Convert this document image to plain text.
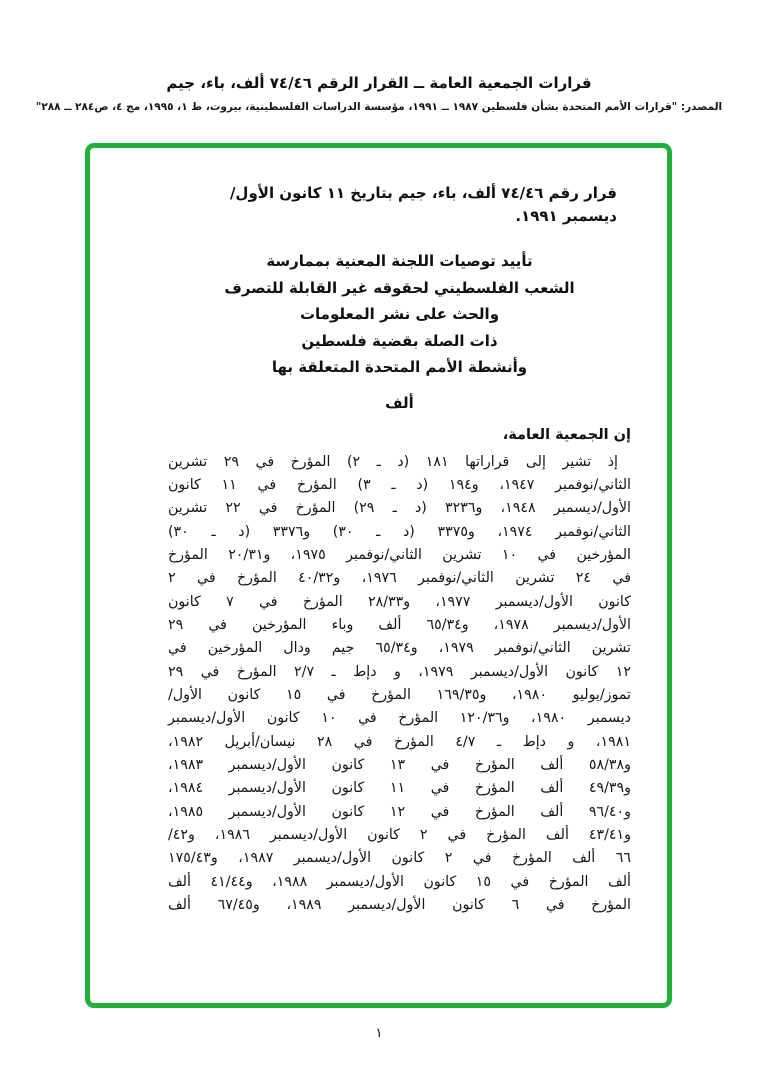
قرارات الجمعية العامة ــ القرار الرقم ٧٤/٤٦ ألف، باء، جيم
المصدر: "قرارات الأمم المتحدة بشأن فلسطين ١٩٨٧ ــ ١٩٩١، مؤسسة الدراسات الفلسطينية، بيروت، ط ١، ١٩٩٥، مج ٤، ص٢٨٤ ــ ٢٨٨"
قرار رقم ٧٤/٤٦ ألف، باء، جيم بتاريخ ١١ كانون الأول/
ديسمبر ١٩٩١.
تأييد توصيات اللجنة المعنية بممارسة
الشعب الفلسطيني لحقوقه غير القابلة للتصرف
والحث على نشر المعلومات
ذات الصلة بقضية فلسطين
وأنشطة الأمم المتحدة المتعلقة بها
ألف
إن الجمعية العامة،
إذ تشير إلى قراراتها ١٨١ (د ـ ٢) المؤرخ في ٢٩ تشرين
الثاني/نوفمبر ١٩٤٧، و١٩٤ (د ـ ٣) المؤرخ في ١١ كانون
الأول/ديسمبر ١٩٤٨، و٣٢٣٦ (د ـ ٢٩) المؤرخ في ٢٢ تشرين
الثاني/نوفمبر ١٩٧٤، و٣٣٧٥ (د ـ ٣٠) و٣٣٧٦ (د ـ ٣٠)
المؤرخين في ١٠ تشرين الثاني/نوفمبر ١٩٧٥، و٢٠/٣١ المؤرخ
في ٢٤ تشرين الثاني/نوفمبر ١٩٧٦، و٤٠/٣٢ المؤرخ في ٢
كانون الأول/ديسمبر ١٩٧٧، و٢٨/٣٣ المؤرخ في ٧ كانون
الأول/ديسمبر ١٩٧٨، و٦٥/٣٤ ألف وباء المؤرخين في ٢٩
تشرين الثاني/نوفمبر ١٩٧٩، و٦٥/٣٤ جيم ودال المؤرخين في
١٢ كانون الأول/ديسمبر ١٩٧٩، و دإط ـ ٢/٧ المؤرخ في ٢٩
تموز/يوليو ١٩٨٠، و١٦٩/٣٥ المؤرخ في ١٥ كانون الأول/
ديسمبر ١٩٨٠، و١٢٠/٣٦ المؤرخ في ١٠ كانون الأول/ديسمبر
١٩٨١، و دإط ـ ٤/٧ المؤرخ في ٢٨ نيسان/أبريل ١٩٨٢،
و٥٨/٣٨ ألف المؤرخ في ١٣ كانون الأول/ديسمبر ١٩٨٣،
و٤٩/٣٩ ألف المؤرخ في ١١ كانون الأول/ديسمبر ١٩٨٤،
و٩٦/٤٠ ألف المؤرخ في ١٢ كانون الأول/ديسمبر ١٩٨٥،
و٤٣/٤١ ألف المؤرخ في ٢ كانون الأول/ديسمبر ١٩٨٦، و٤٢/
٦٦ ألف المؤرخ في ٢ كانون الأول/ديسمبر ١٩٨٧، و١٧٥/٤٣
ألف المؤرخ في ١٥ كانون الأول/ديسمبر ١٩٨٨، و٤١/٤٤ ألف
المؤرخ في ٦ كانون الأول/ديسمبر ١٩٨٩، و٦٧/٤٥ ألف
١
